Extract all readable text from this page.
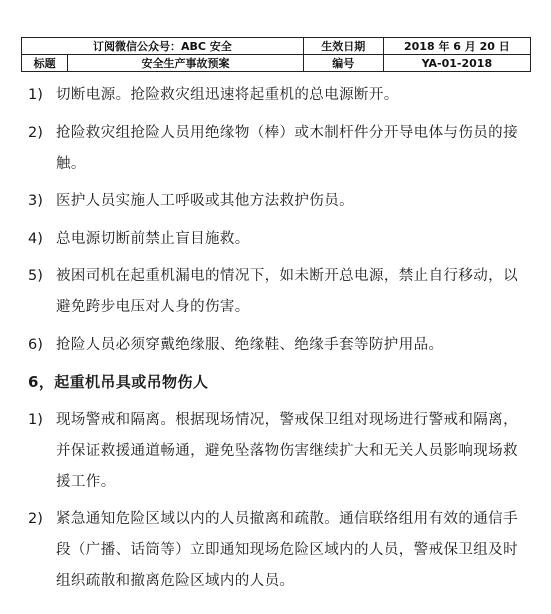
订阅微信公众号：ABC 安全		生效日期	2018 年 6 月 20 日
标题	安全生产事故预案	编号	YA-01-2018
1) 切断电源。抢险救灾组迅速将起重机的总电源断开。
2) 抢险救灾组抢险人员用绝缘物（棒）或木制杆件分开导电体与伤员的接触。
3) 医护人员实施人工呼吸或其他方法救护伤员。
4) 总电源切断前禁止盲目施救。
5) 被困司机在起重机漏电的情况下，如未断开总电源，禁止自行移动，以避免跨步电压对人身的伤害。
6) 抢险人员必须穿戴绝缘服、绝缘鞋、绝缘手套等防护用品。
6，起重机吊具或吊物伤人
1) 现场警戒和隔离。根据现场情况，警戒保卫组对现场进行警戒和隔离，并保证救援通道畅通，避免坠落物伤害继续扩大和无关人员影响现场救援工作。
2) 紧急通知危险区域以内的人员撤离和疏散。通信联络组用有效的通信手段（广播、话筒等）立即通知现场危险区域内的人员，警戒保卫组及时组织疏散和撤离危险区域内的人员。
